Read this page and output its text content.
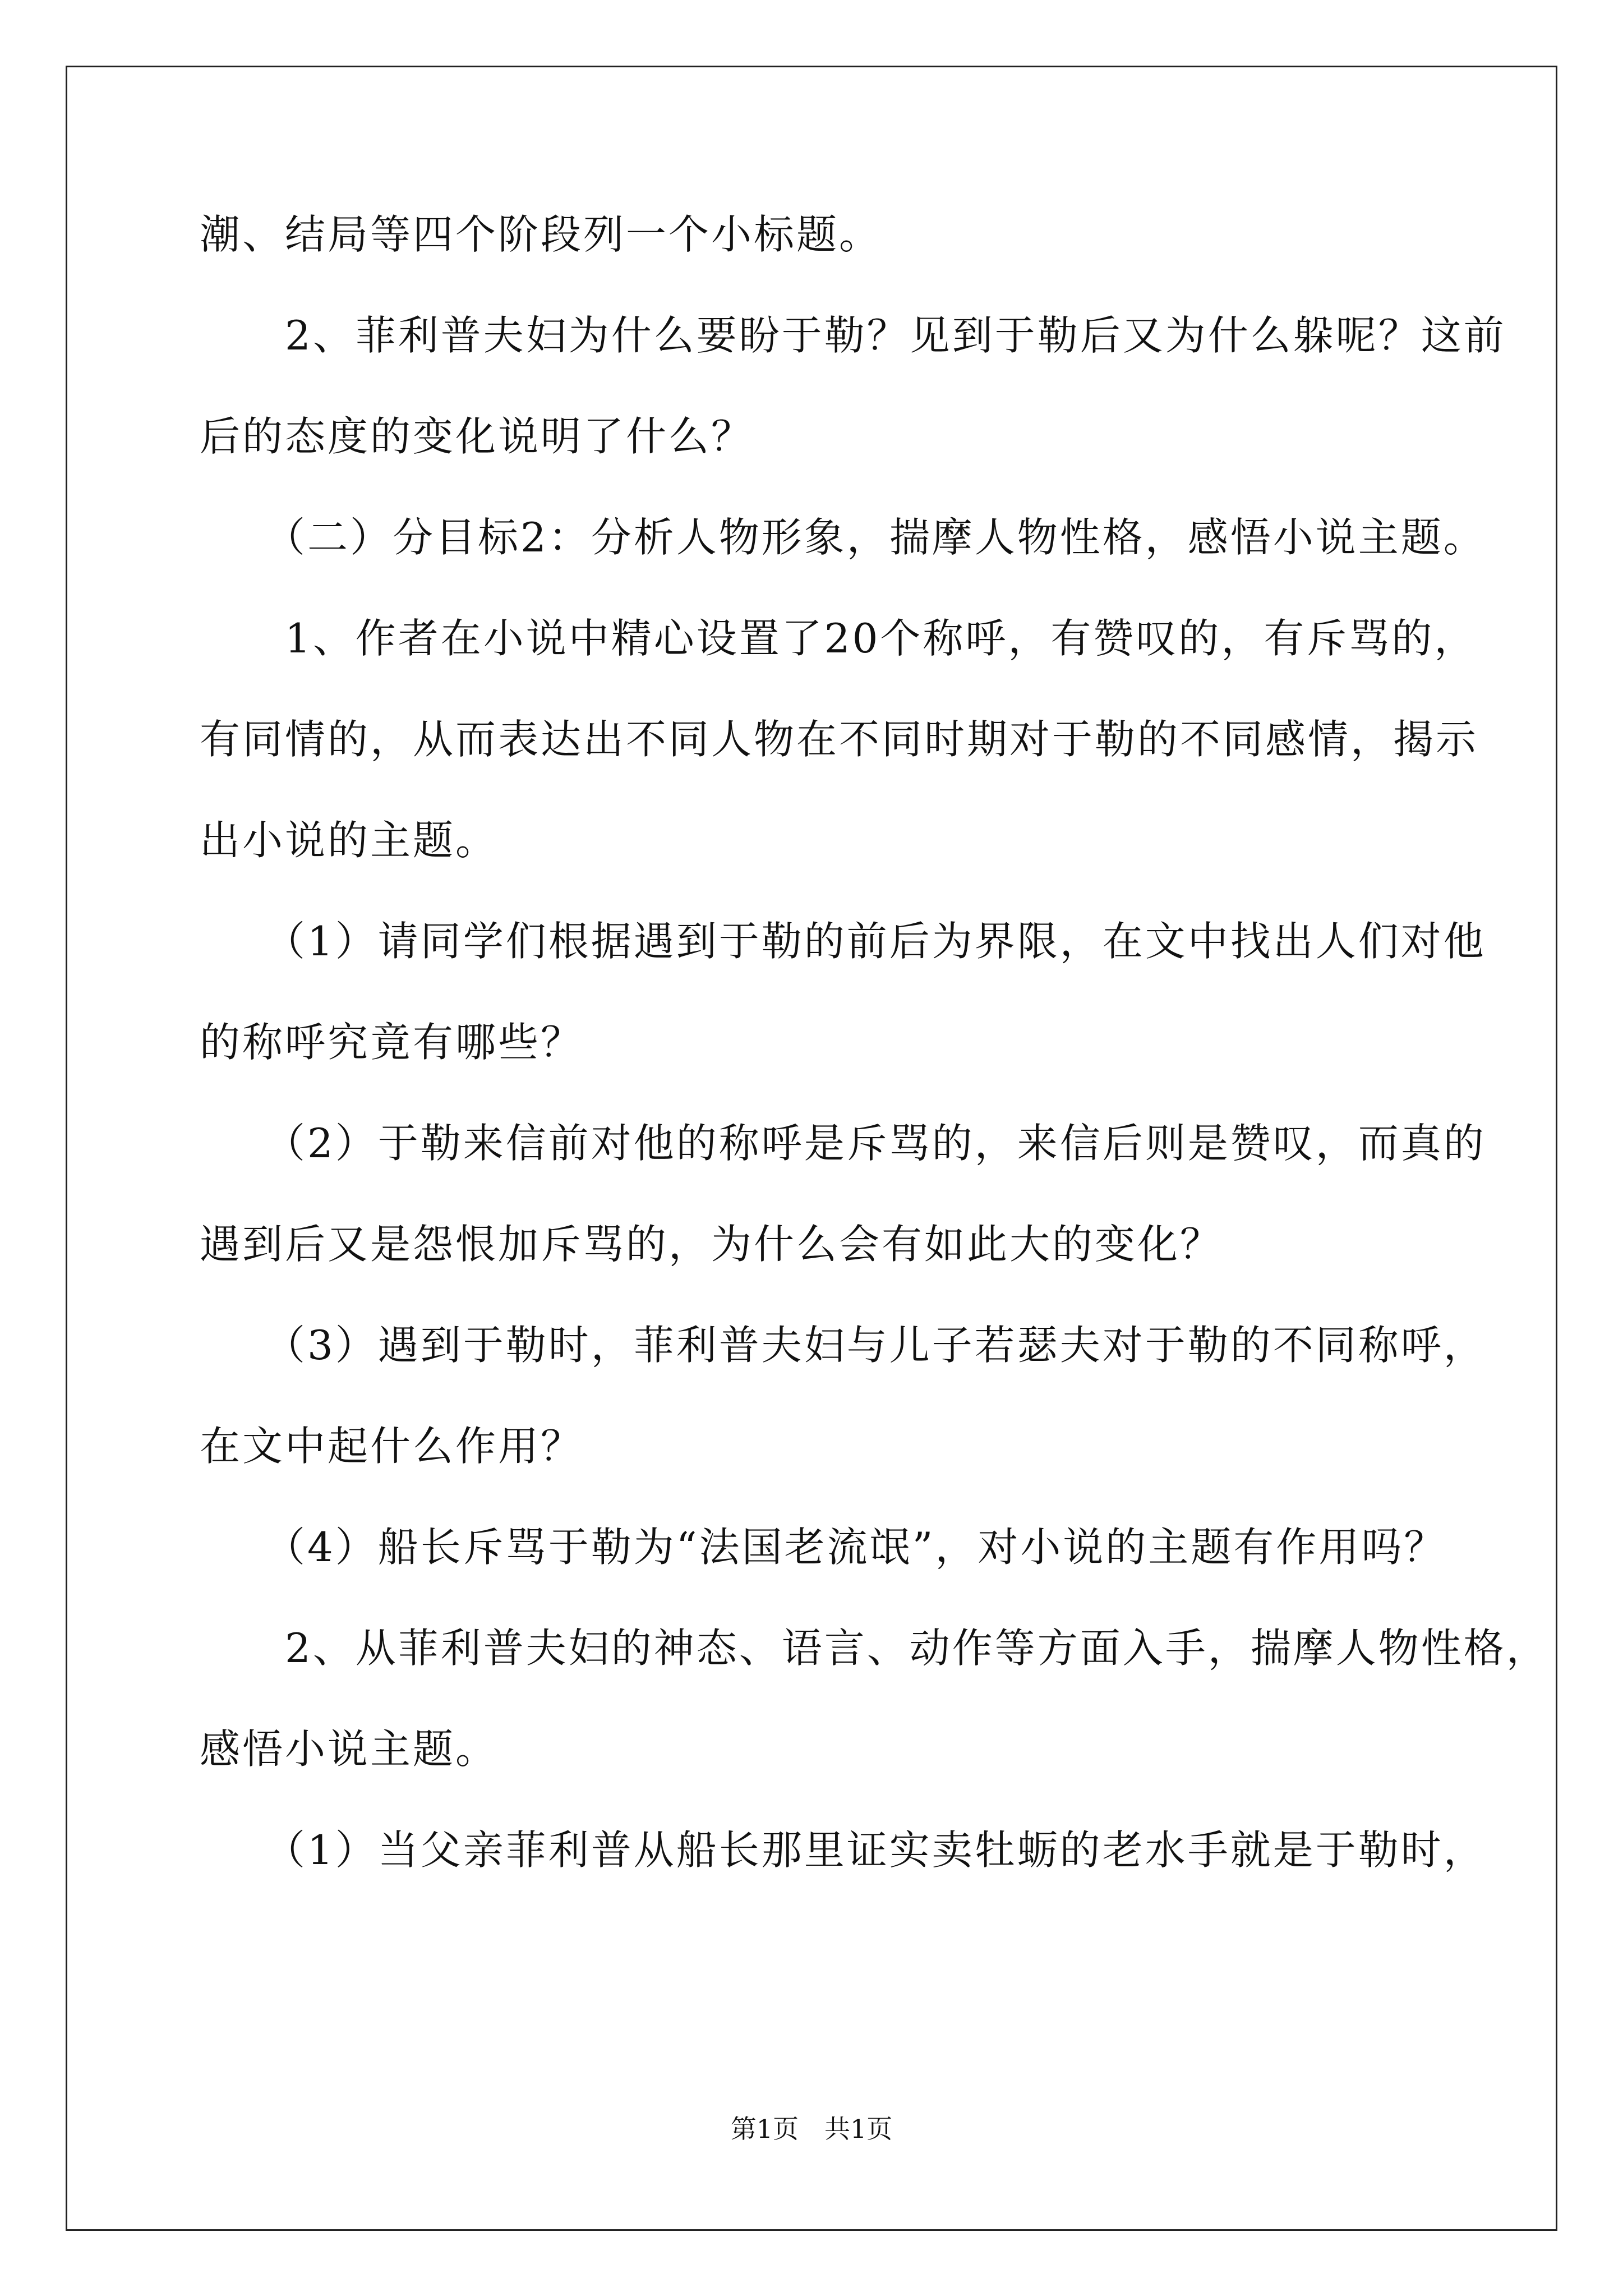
潮、结局等四个阶段列一个小标题。
　　2、菲利普夫妇为什么要盼于勒？见到于勒后又为什么躲呢？这前
后的态度的变化说明了什么？
　　（二）分目标2：分析人物形象，揣摩人物性格，感悟小说主题。
　　1、作者在小说中精心设置了20个称呼，有赞叹的，有斥骂的，
有同情的，从而表达出不同人物在不同时期对于勒的不同感情，揭示
出小说的主题。
　　（1）请同学们根据遇到于勒的前后为界限，在文中找出人们对他
的称呼究竟有哪些？
　　（2）于勒来信前对他的称呼是斥骂的，来信后则是赞叹，而真的
遇到后又是怨恨加斥骂的，为什么会有如此大的变化？
　　（3）遇到于勒时，菲利普夫妇与儿子若瑟夫对于勒的不同称呼，
在文中起什么作用？
　　（4）船长斥骂于勒为“法国老流氓”，对小说的主题有作用吗？
　　2、从菲利普夫妇的神态、语言、动作等方面入手，揣摩人物性格，
感悟小说主题。
　　（1）当父亲菲利普从船长那里证实卖牡蛎的老水手就是于勒时，
第1页　共1页
